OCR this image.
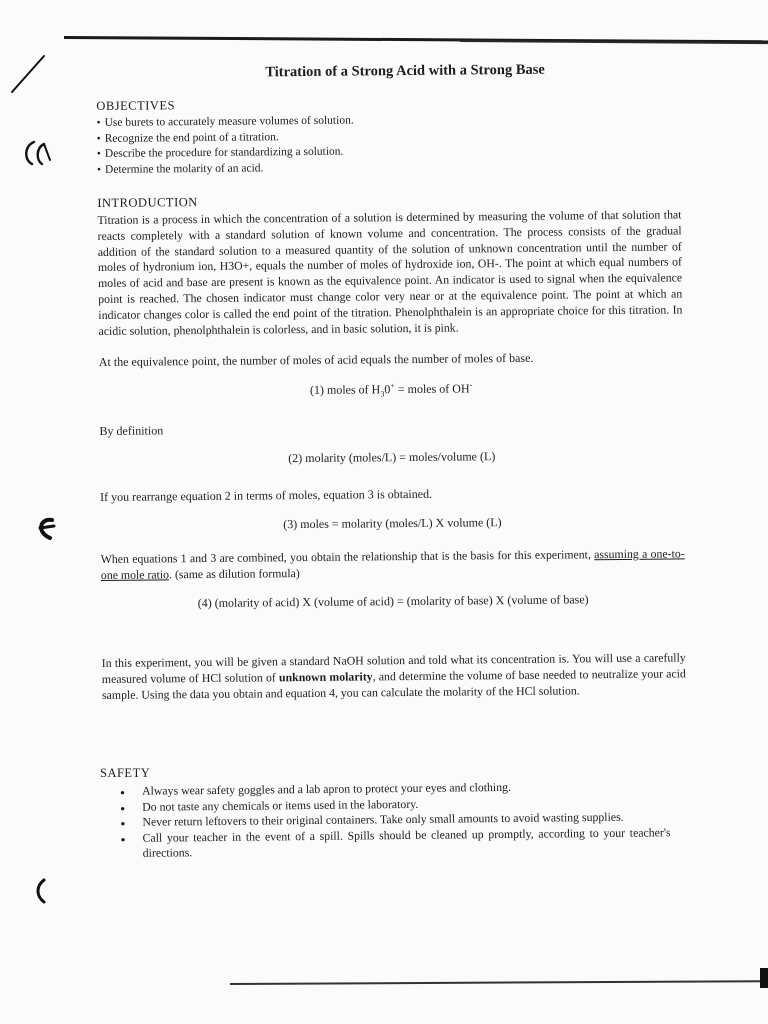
Titration of a Strong Acid with a Strong Base
OBJECTIVES
• Use burets to accurately measure volumes of solution.
• Recognize the end point of a titration.
• Describe the procedure for standardizing a solution.
• Determine the molarity of an acid.
INTRODUCTION

Titration is a process in which the concentration of a solution is determined by measuring the volume of that solution that reacts completely with a standard solution of known volume and concentration. The process consists of the gradual addition of the standard solution to a measured quantity of the solution of unknown concentration until the number of moles of hydronium ion, H3O+, equals the number of moles of hydroxide ion, OH-. The point at which equal numbers of moles of acid and base are present is known as the equivalence point. An indicator is used to signal when the equivalence point is reached. The chosen indicator must change color very near or at the equivalence point. The point at which an indicator changes color is called the end point of the titration. Phenolphthalein is an appropriate choice for this titration. In acidic solution, phenolphthalein is colorless, and in basic solution, it is pink.

At the equivalence point, the number of moles of acid equals the number of moles of base.

(1) moles of $H_30^+$ = moles of OH-

By definition

(2) molarity (moles/L) = moles/volume (L)

If you rearrange equation 2 in terms of moles, equation 3 is obtained.

(3) moles = molarity (moles/L) X volume (L)

When equations 1 and 3 are combined, you obtain the relationship that is the basis for this experiment, assuming a one-to-one mole ratio. (same as dilution formula)

(4) (molarity of acid) X (volume of acid) = (molarity of base) X (volume of base)

In this experiment, you will be given a standard NaOH solution and told what its concentration is. You will use a carefully measured volume of HCl solution of unknown molarity, and determine the volume of base needed to neutralize your acid sample. Using the data you obtain and equation 4, you can calculate the molarity of the HCl solution.

SAFETY
● Always wear safety goggles and a lab apron to protect your eyes and clothing.
● Do not taste any chemicals or items used in the laboratory.
● Never return leftovers to their original containers. Take only small amounts to avoid wasting supplies.
● Call your teacher in the event of a spill. Spills should be cleaned up promptly, according to your teacher's directions.
